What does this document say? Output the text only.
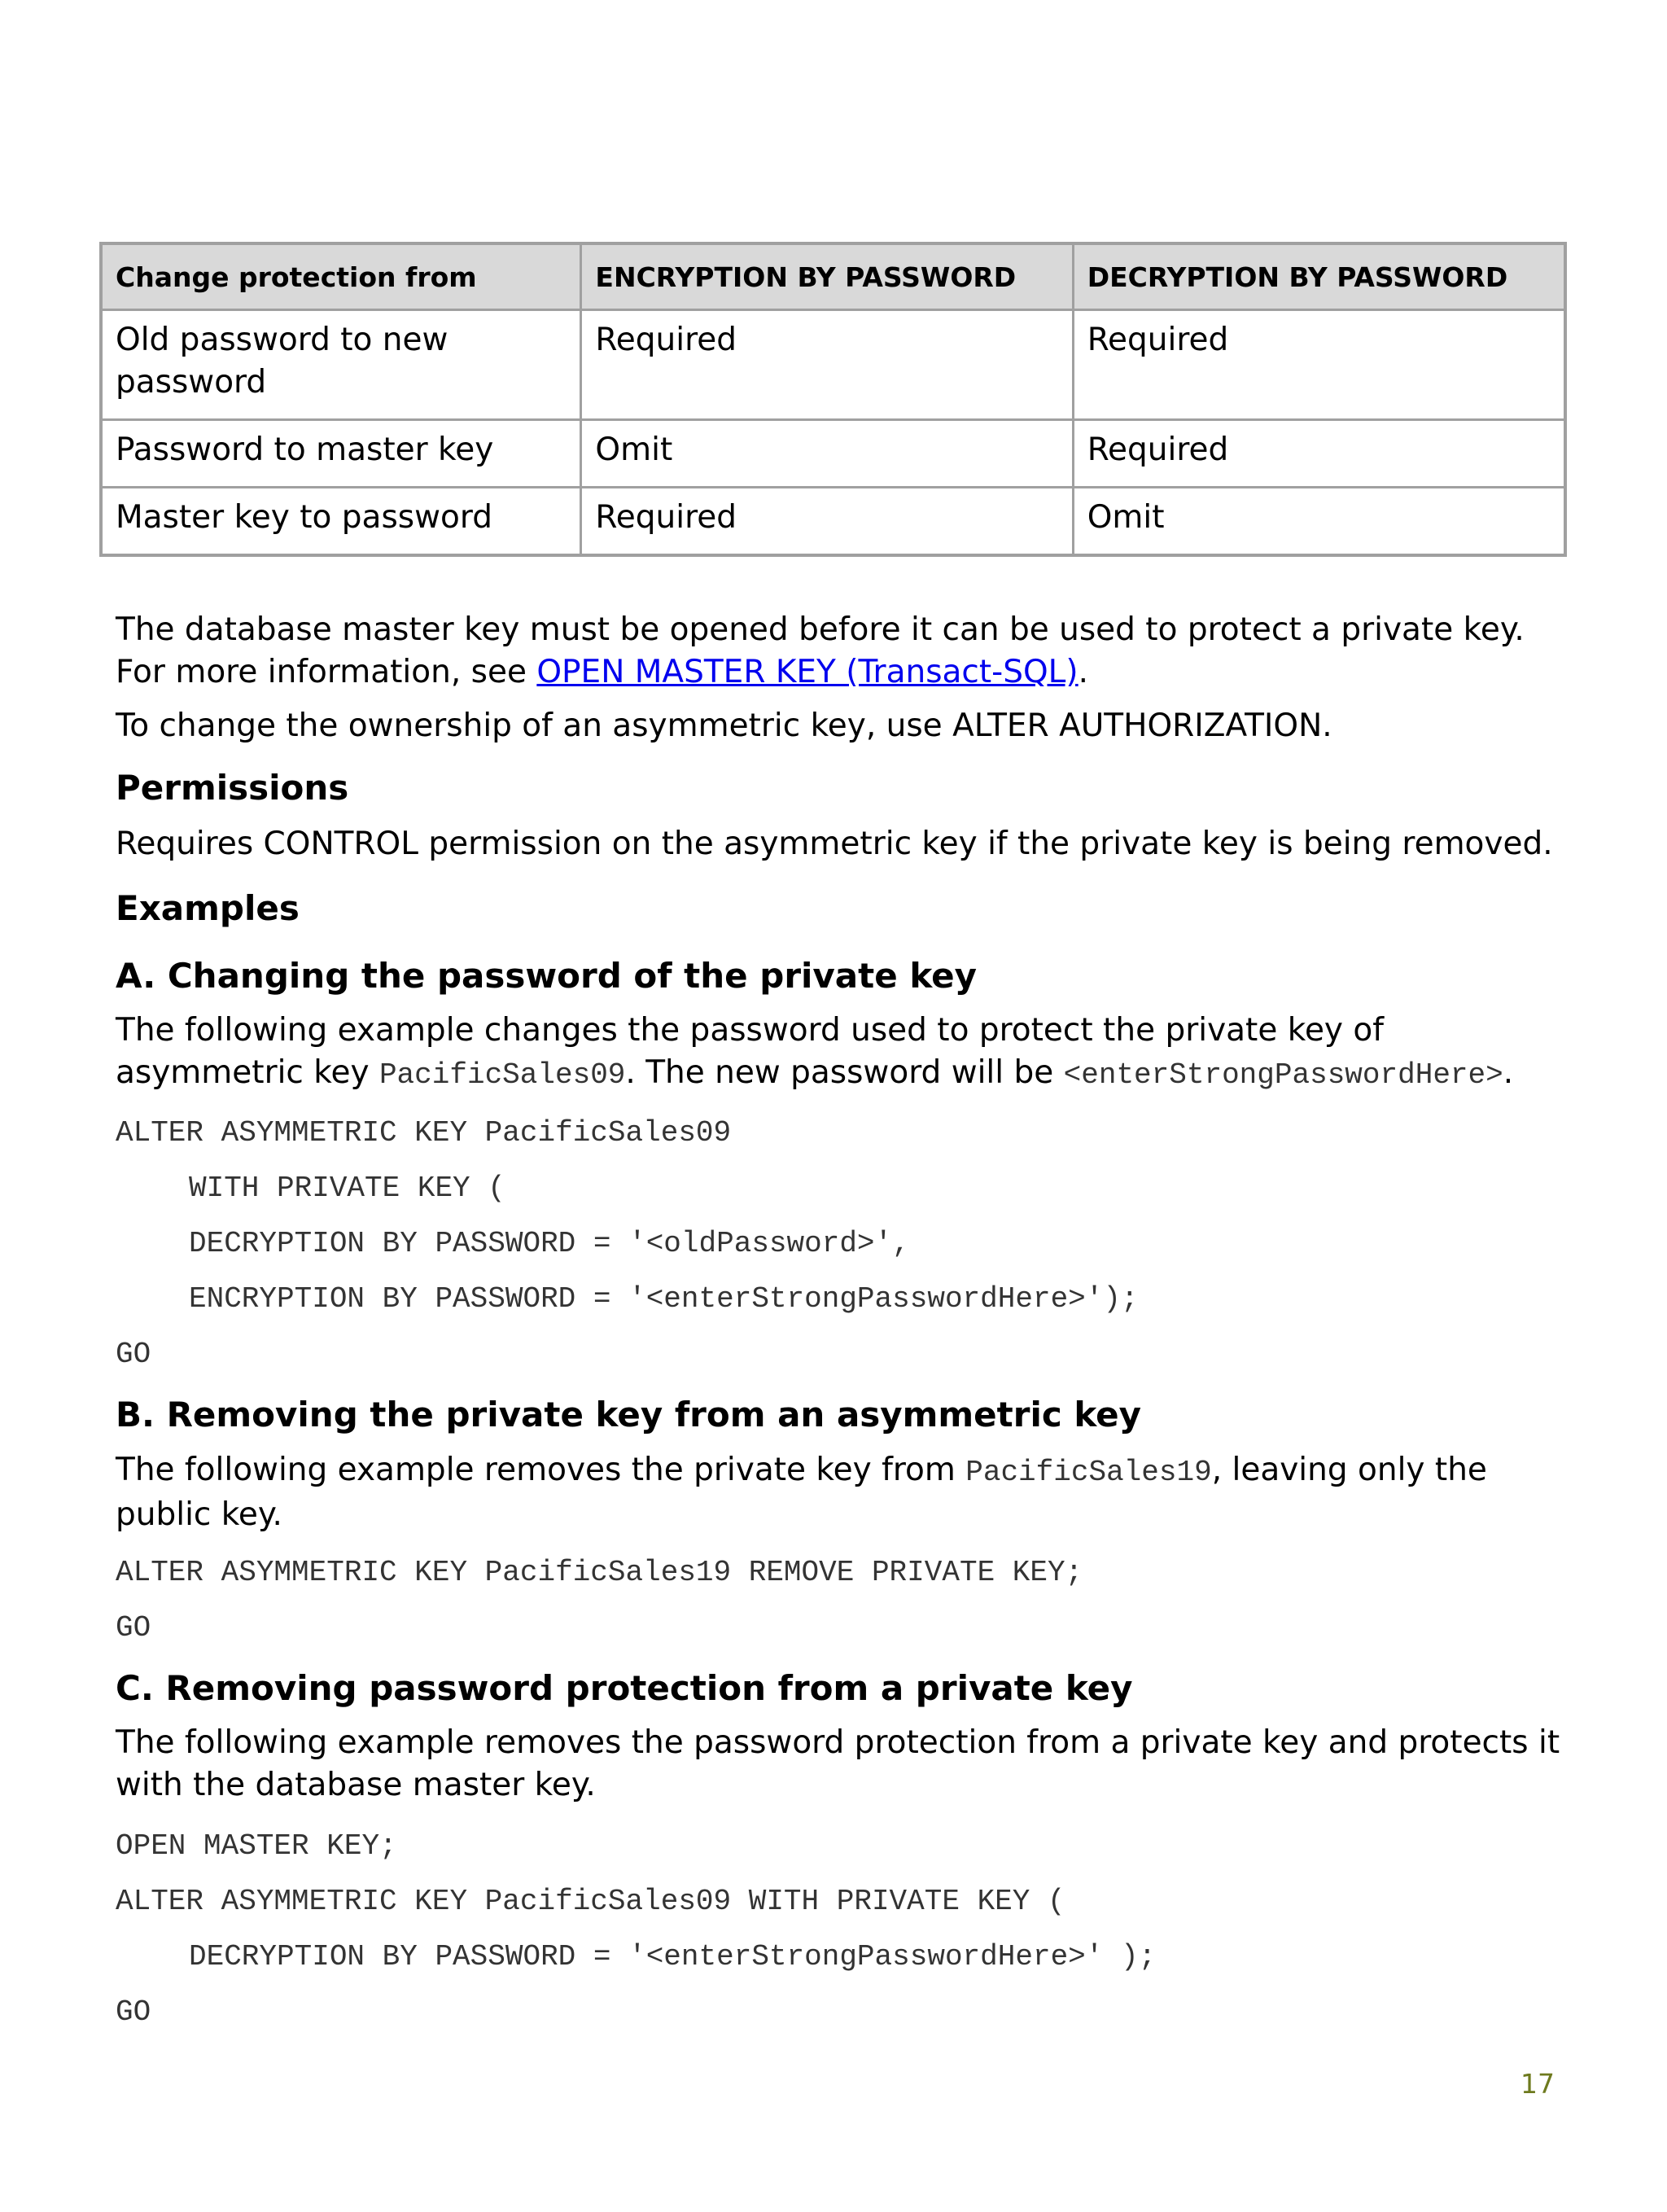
Change protection from	ENCRYPTION BY PASSWORD	DECRYPTION BY PASSWORD
Old password to new password	Required	Required
Password to master key	Omit	Required
Master key to password	Required	Omit

The database master key must be opened before it can be used to protect a private key. For more information, see OPEN MASTER KEY (Transact-SQL).

To change the ownership of an asymmetric key, use ALTER AUTHORIZATION.

Permissions

Requires CONTROL permission on the asymmetric key if the private key is being removed.

Examples

A. Changing the password of the private key

The following example changes the password used to protect the private key of asymmetric key PacificSales09. The new password will be <enterStrongPasswordHere>.

ALTER ASYMMETRIC KEY PacificSales09

WITH PRIVATE KEY (

DECRYPTION BY PASSWORD = '<oldPassword>',

ENCRYPTION BY PASSWORD = '<enterStrongPasswordHere>');

GO

B. Removing the private key from an asymmetric key

The following example removes the private key from PacificSales19, leaving only the public key.

ALTER ASYMMETRIC KEY PacificSales19 REMOVE PRIVATE KEY;

GO

C. Removing password protection from a private key

The following example removes the password protection from a private key and protects it with the database master key.

OPEN MASTER KEY;

ALTER ASYMMETRIC KEY PacificSales09 WITH PRIVATE KEY (

DECRYPTION BY PASSWORD = '<enterStrongPasswordHere>' );

GO

17
